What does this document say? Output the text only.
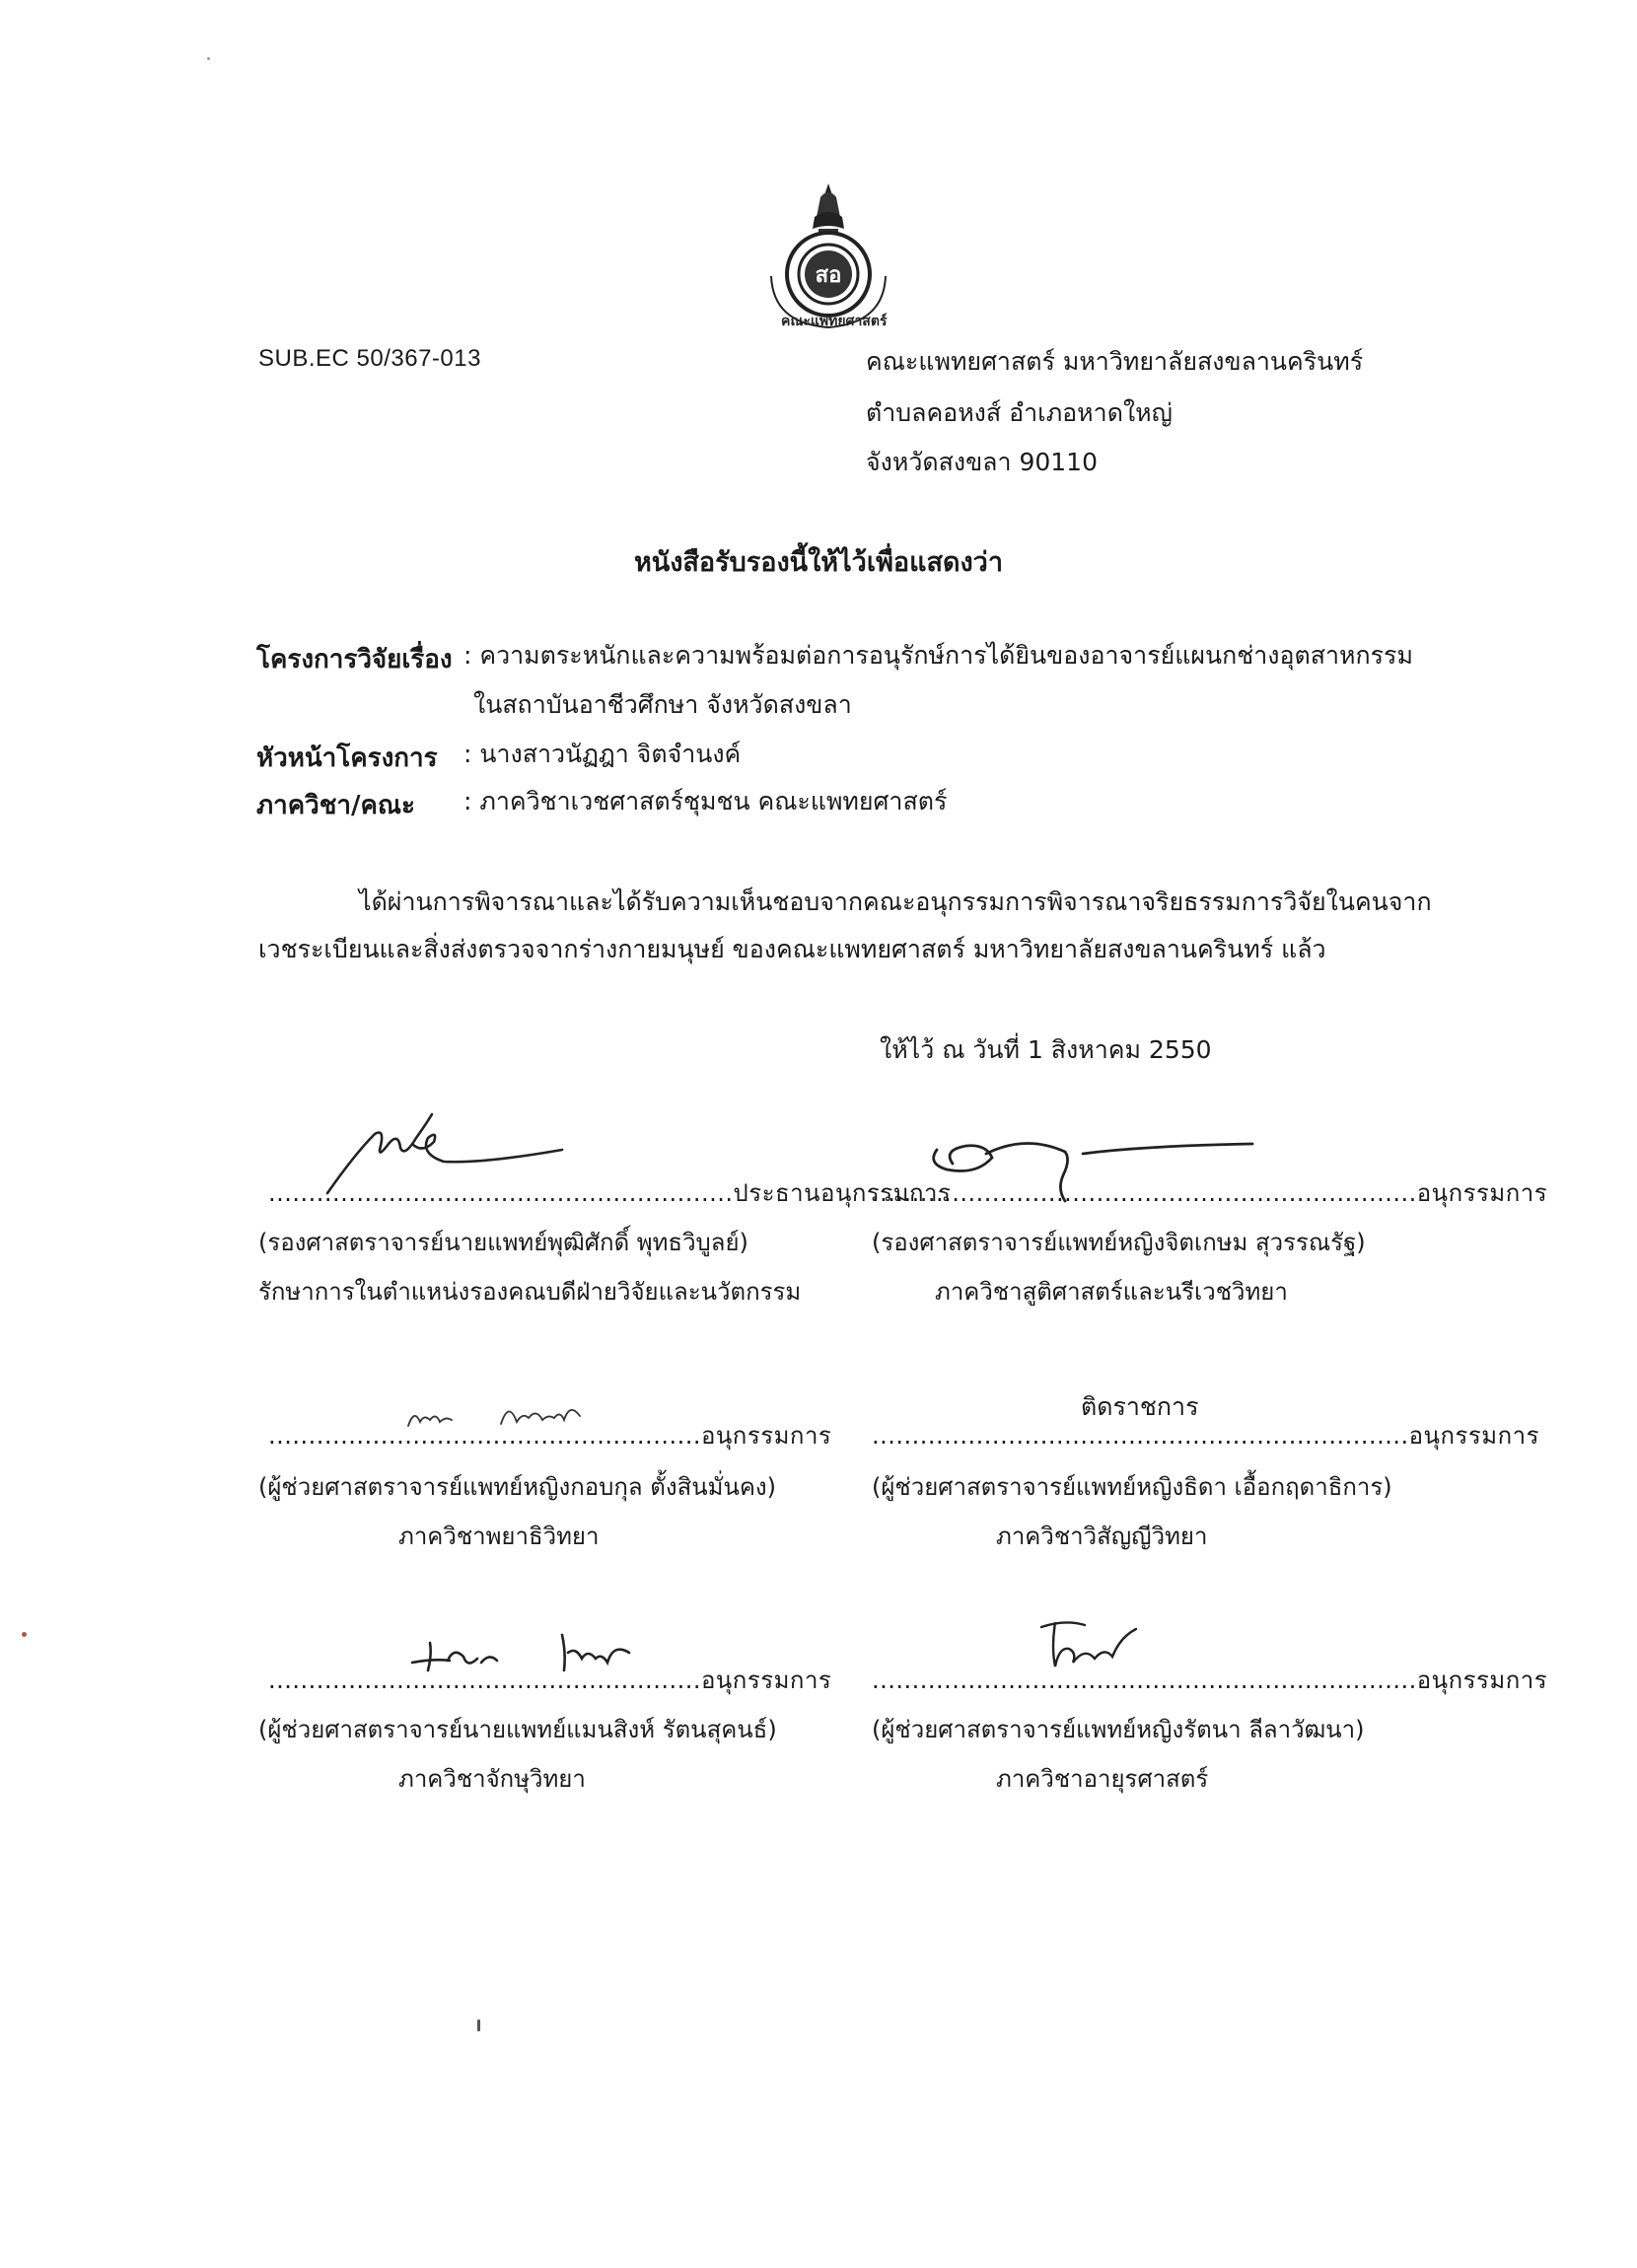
สอ
คณะแพทยศาสตร์
SUB.EC 50/367-013	คณะแพทยศาสตร์ มหาวิทยาลัยสงขลานครินทร์
ตำบลคอหงส์ อำเภอหาดใหญ่
จังหวัดสงขลา 90110
หนังสือรับรองนี้ให้ไว้เพื่อแสดงว่า
โครงการวิจัยเรื่อง : ความตระหนักและความพร้อมต่อการอนุรักษ์การได้ยินของอาจารย์แผนกช่างอุตสาหกรรม
ในสถาบันอาชีวศึกษา จังหวัดสงขลา
หัวหน้าโครงการ : นางสาวนัฏฎา จิตจำนงค์
ภาควิชา/คณะ : ภาควิชาเวชศาสตร์ชุมชน คณะแพทยศาสตร์
ได้ผ่านการพิจารณาและได้รับความเห็นชอบจากคณะอนุกรรมการพิจารณาจริยธรรมการวิจัยในคนจาก
เวชระเบียนและสิ่งส่งตรวจจากร่างกายมนุษย์ ของคณะแพทยศาสตร์ มหาวิทยาลัยสงขลานครินทร์ แล้ว
ให้ไว้ ณ วันที่ 1 สิงหาคม 2550
..........................................................ประธานอนุกรรมการ
(รองศาสตราจารย์นายแพทย์พุฒิศักดิ์ พุทธวิบูลย์)
รักษาการในตำแหน่งรองคณบดีฝ่ายวิจัยและนวัตกรรม
....................................................................อนุกรรมการ
(รองศาสตราจารย์แพทย์หญิงจิตเกษม สุวรรณรัฐ)
ภาควิชาสูติศาสตร์และนรีเวชวิทยา
......................................................อนุกรรมการ
(ผู้ช่วยศาสตราจารย์แพทย์หญิงกอบกุล ตั้งสินมั่นคง)
ภาควิชาพยาธิวิทยา
ติดราชการ
...................................................................อนุกรรมการ
(ผู้ช่วยศาสตราจารย์แพทย์หญิงธิดา เอื้อกฤดาธิการ)
ภาควิชาวิสัญญีวิทยา
......................................................อนุกรรมการ
(ผู้ช่วยศาสตราจารย์นายแพทย์แมนสิงห์ รัตนสุคนธ์)
ภาควิชาจักษุวิทยา
....................................................................อนุกรรมการ
(ผู้ช่วยศาสตราจารย์แพทย์หญิงรัตนา ลีลาวัฒนา)
ภาควิชาอายุรศาสตร์
